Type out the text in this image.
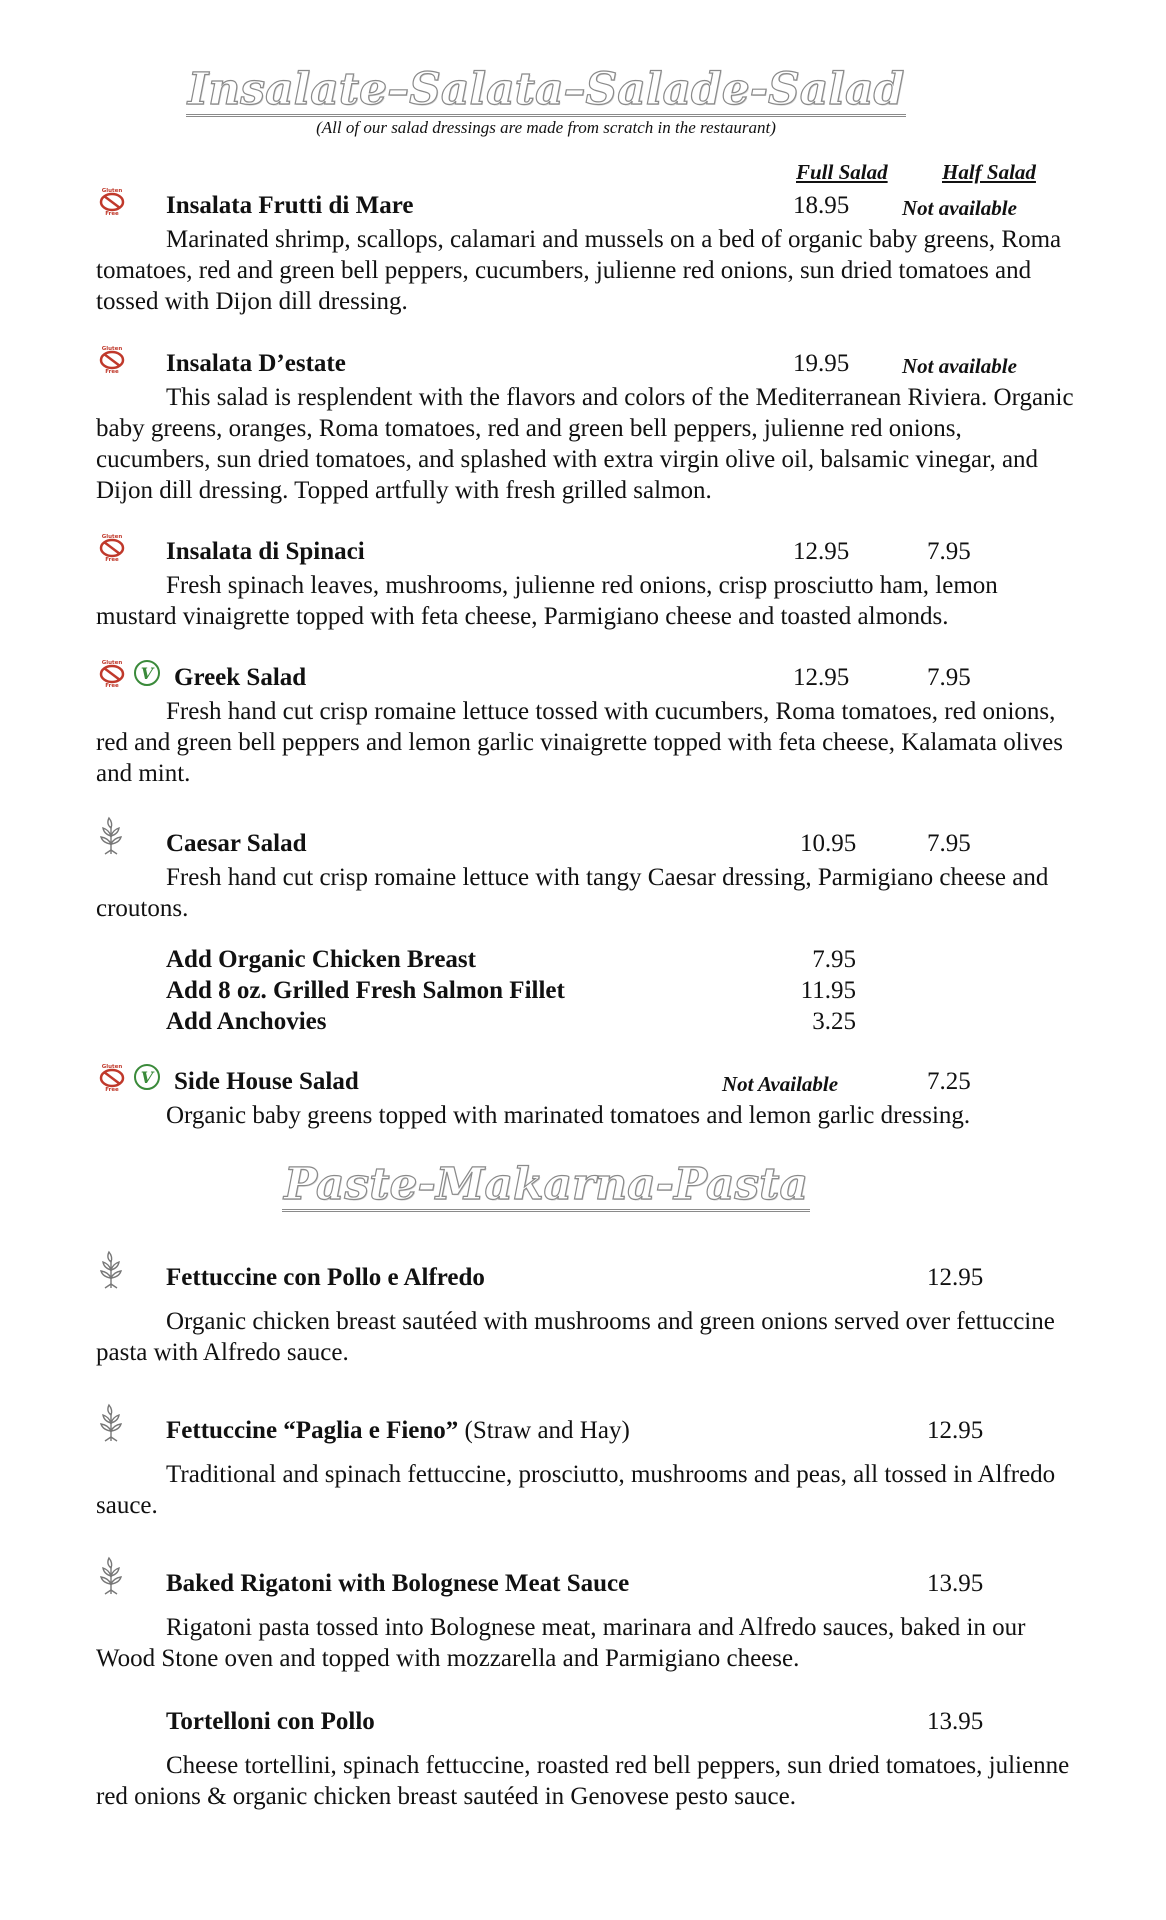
Insalate–Salata–Salade-Salad
(All of our salad dressings are made from scratch in the restaurant)
Full Salad	Half Salad
Gluten
Free Insalata Frutti di Mare	18.95	Not available

Marinated shrimp, scallops, calamari and mussels on a bed of organic baby greens, Roma tomatoes, red and green bell peppers, cucumbers, julienne red onions, sun dried tomatoes and tossed with Dijon dill dressing.

Gluten
Free Insalata D’estate	19.95	Not available

This salad is resplendent with the flavors and colors of the Mediterranean Riviera. Organic baby greens, oranges, Roma tomatoes, red and green bell peppers, julienne red onions, cucumbers, sun dried tomatoes, and splashed with extra virgin olive oil, balsamic vinegar, and Dijon dill dressing. Topped artfully with fresh grilled salmon.

Gluten
Free Insalata di Spinaci	12.95	7.95

Fresh spinach leaves, mushrooms, julienne red onions, crisp prosciutto ham, lemon mustard vinaigrette topped with feta cheese, Parmigiano cheese and toasted almonds.

Gluten
Free
V Greek Salad	12.95	7.95

Fresh hand cut crisp romaine lettuce tossed with cucumbers, Roma tomatoes, red onions, red and green bell peppers and lemon garlic vinaigrette topped with feta cheese, Kalamata olives and mint.

Caesar Salad	10.95	7.95

Fresh hand cut crisp romaine lettuce with tangy Caesar dressing, Parmigiano cheese and croutons.

Add Organic Chicken Breast	7.95
Add 8 oz. Grilled Fresh Salmon Fillet	11.95
Add Anchovies	3.25
Gluten
Free
V Side House Salad	Not Available	7.25

Organic baby greens topped with marinated tomatoes and lemon garlic dressing.

Paste-Makarna-Pasta
Fettuccine con Pollo e Alfredo	12.95

Organic chicken breast sautéed with mushrooms and green onions served over fettuccine pasta with Alfredo sauce.

Fettuccine “Paglia e Fieno” (Straw and Hay)	12.95

Traditional and spinach fettuccine, prosciutto, mushrooms and peas, all tossed in Alfredo sauce.

Baked Rigatoni with Bolognese Meat Sauce	13.95

Rigatoni pasta tossed into Bolognese meat, marinara and Alfredo sauces, baked in our Wood Stone oven and topped with mozzarella and Parmigiano cheese.

Tortelloni con Pollo	13.95

Cheese tortellini, spinach fettuccine, roasted red bell peppers, sun dried tomatoes, julienne red onions & organic chicken breast sautéed in Genovese pesto sauce.
